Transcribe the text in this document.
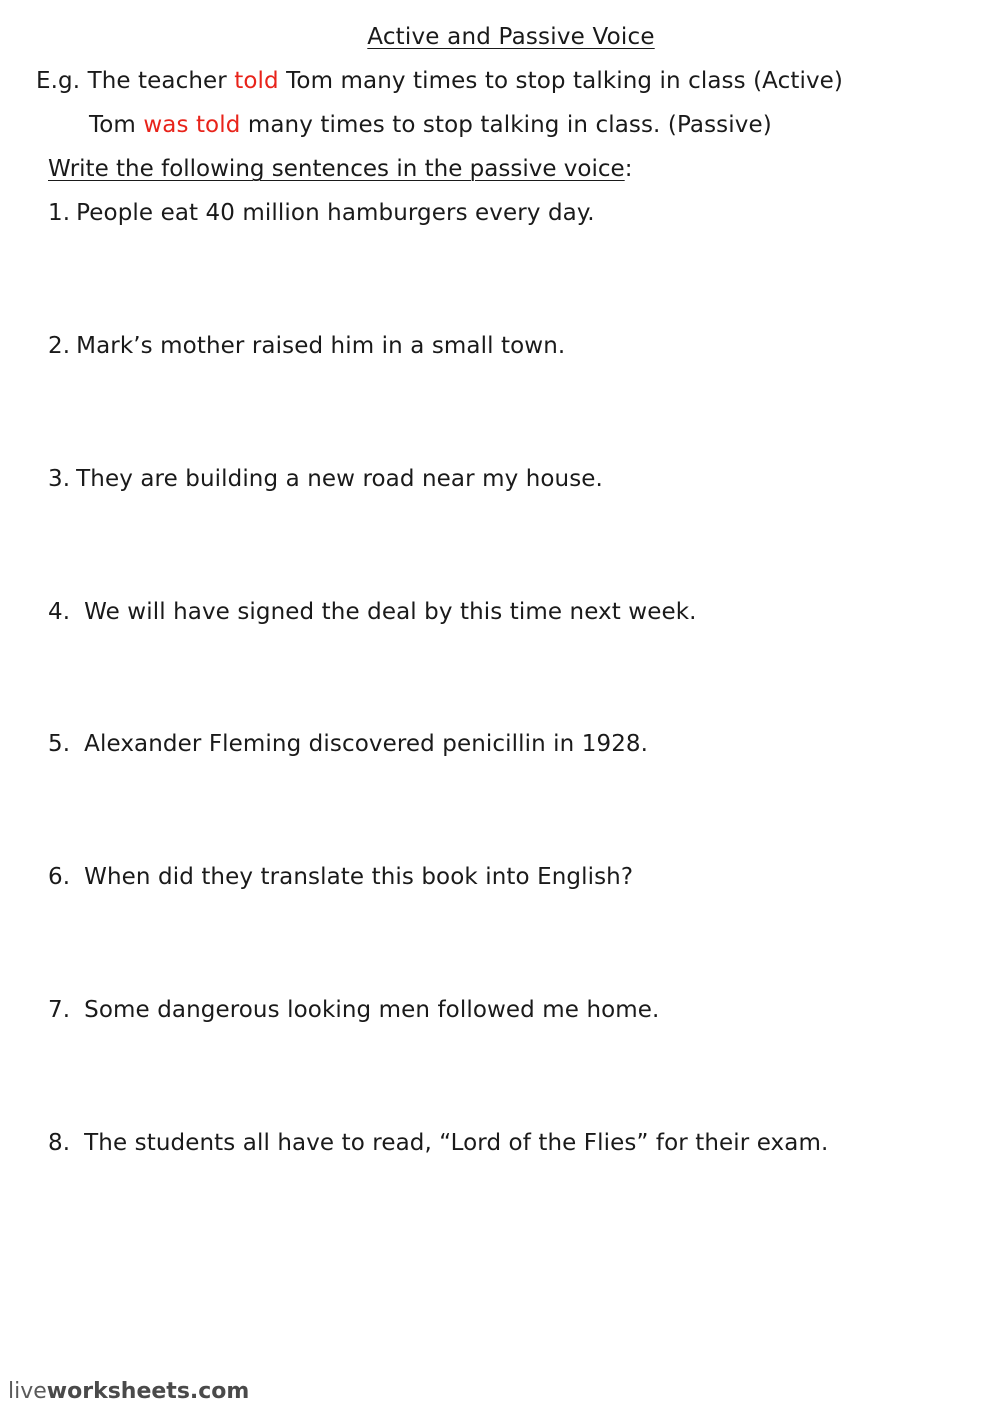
Active and Passive Voice
E.g. The teacher told Tom many times to stop talking in class (Active)
Tom was told many times to stop talking in class. (Passive)
Write the following sentences in the passive voice:
1. People eat 40 million hamburgers every day.
2. Mark’s mother raised him in a small town.
3. They are building a new road near my house.
4. We will have signed the deal by this time next week.
5. Alexander Fleming discovered penicillin in 1928.
6. When did they translate this book into English?
7. Some dangerous looking men followed me home.
8. The students all have to read, “Lord of the Flies” for their exam.
liveworksheets.com
